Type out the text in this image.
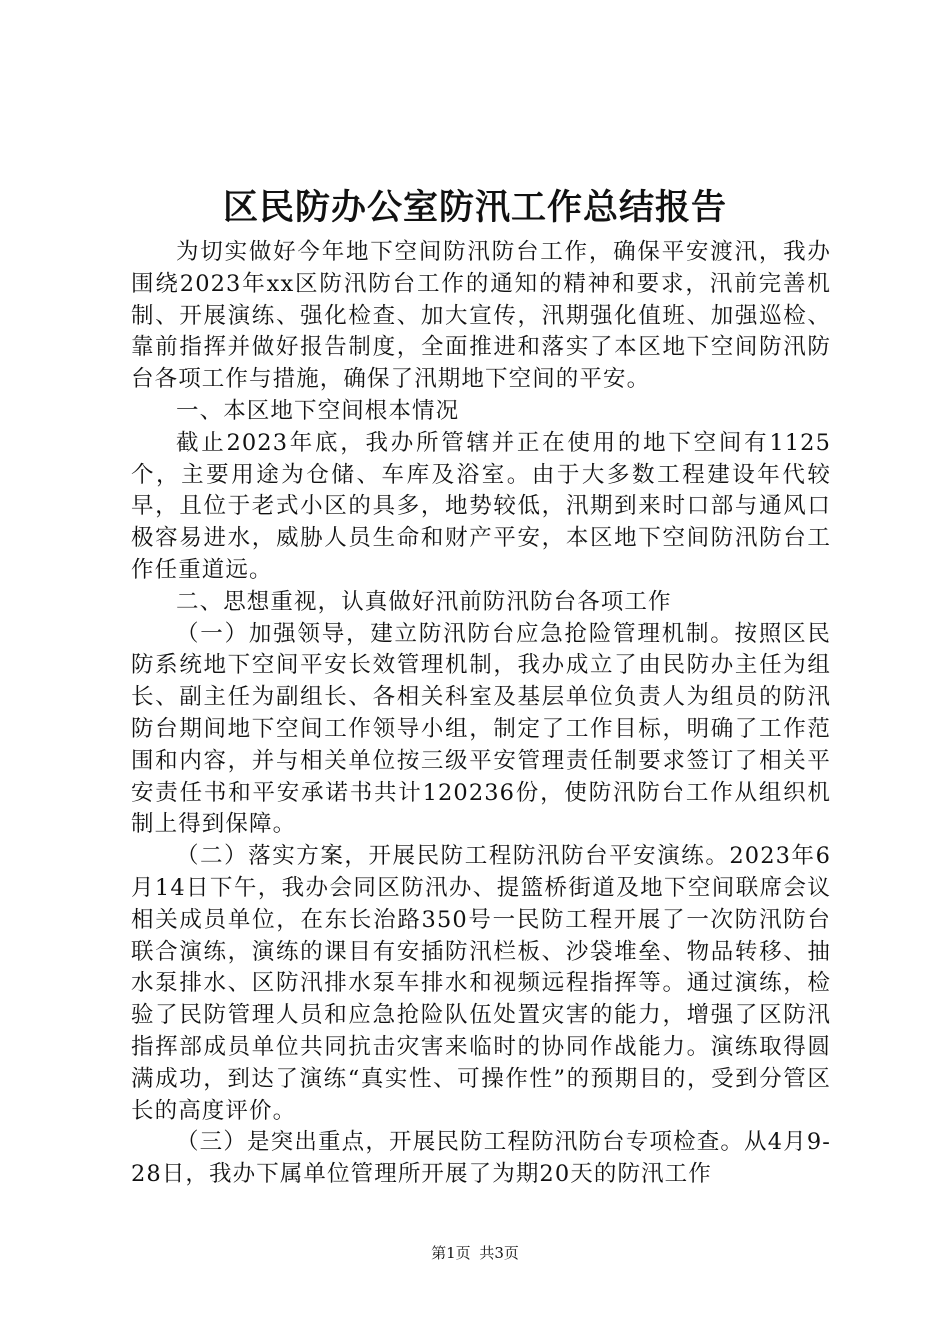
区民防办公室防汛工作总结报告

为切实做好今年地下空间防汛防台工作，确保平安渡汛，我办围绕2023年xx区防汛防台工作的通知的精神和要求，汛前完善机制、开展演练、强化检查、加大宣传，汛期强化值班、加强巡检、靠前指挥并做好报告制度，全面推进和落实了本区地下空间防汛防台各项工作与措施，确保了汛期地下空间的平安。

一、本区地下空间根本情况

截止2023年底，我办所管辖并正在使用的地下空间有1125个，主要用途为仓储、车库及浴室。由于大多数工程建设年代较早，且位于老式小区的具多，地势较低，汛期到来时口部与通风口极容易进水，威胁人员生命和财产平安，本区地下空间防汛防台工作任重道远。

二、思想重视，认真做好汛前防汛防台各项工作

（一）加强领导，建立防汛防台应急抢险管理机制。按照区民防系统地下空间平安长效管理机制，我办成立了由民防办主任为组长、副主任为副组长、各相关科室及基层单位负责人为组员的防汛防台期间地下空间工作领导小组，制定了工作目标，明确了工作范围和内容，并与相关单位按三级平安管理责任制要求签订了相关平安责任书和平安承诺书共计120236份，使防汛防台工作从组织机制上得到保障。

（二）落实方案，开展民防工程防汛防台平安演练。2023年6月14日下午，我办会同区防汛办、提篮桥街道及地下空间联席会议相关成员单位，在东长治路350号一民防工程开展了一次防汛防台联合演练，演练的课目有安插防汛栏板、沙袋堆垒、物品转移、抽水泵排水、区防汛排水泵车排水和视频远程指挥等。通过演练，检验了民防管理人员和应急抢险队伍处置灾害的能力，增强了区防汛指挥部成员单位共同抗击灾害来临时的协同作战能力。演练取得圆满成功，到达了演练“真实性、可操作性”的预期目的，受到分管区长的高度评价。

（三）是突出重点，开展民防工程防汛防台专项检查。从4月9-28日，我办下属单位管理所开展了为期20天的防汛工作

第1页 共3页
